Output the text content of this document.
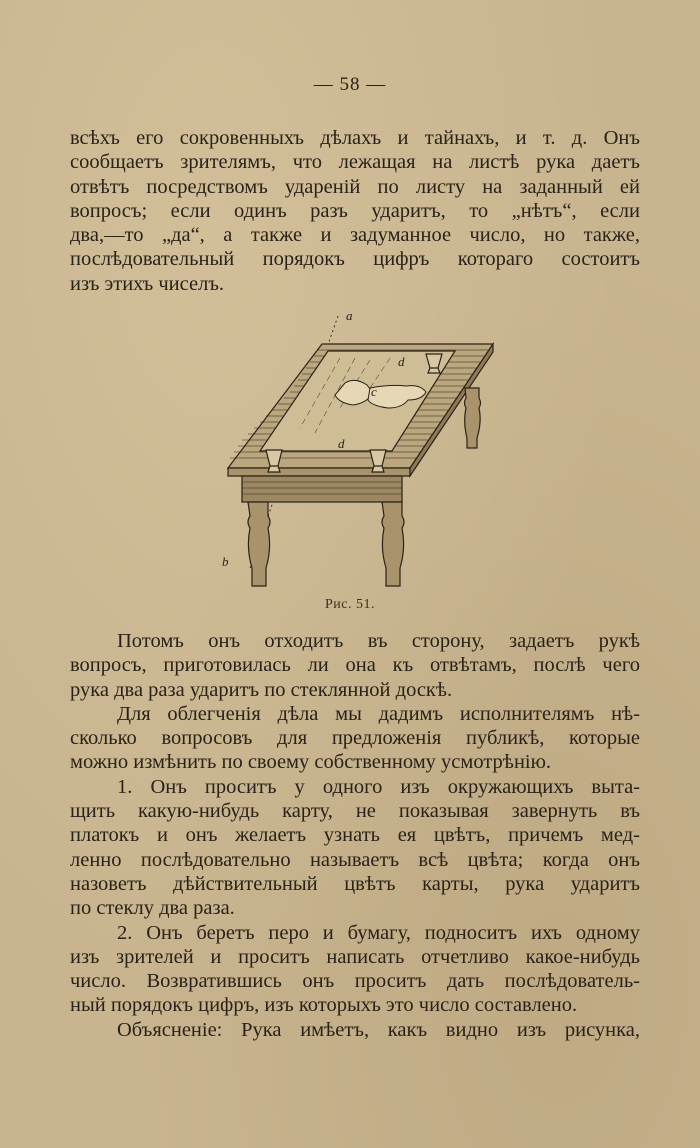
— 58 —
всѣхъ его сокровенныхъ дѣлахъ и тайнахъ, и т. д. Онъ
сообщаетъ зрителямъ, что лежащая на листѣ рука даетъ
отвѣтъ посредствомъ удареній по листу на заданный ей
вопросъ; если одинъ разъ ударитъ, то „нѣтъ“, если
два,—то „да“, а также и задуманное число, но также,
послѣдовательный порядокъ цифръ котораго состоитъ
изъ этихъ чиселъ.
a
b
c
d
d
Рис. 51.
Потомъ онъ отходитъ въ сторону, задаетъ рукѣ
вопросъ, приготовилась ли она къ отвѣтамъ, послѣ чего
рука два раза ударитъ по стеклянной доскѣ.
Для облегченія дѣла мы дадимъ исполнителямъ нѣ-
сколько вопросовъ для предложенія публикѣ, которые
можно измѣнить по своему собственному усмотрѣнію.
1. Онъ проситъ у одного изъ окружающихъ выта-
щить какую-нибудь карту, не показывая завернуть въ
платокъ и онъ желаетъ узнать ея цвѣтъ, причемъ мед-
ленно послѣдовательно называетъ всѣ цвѣта; когда онъ
назоветъ дѣйствительный цвѣтъ карты, рука ударитъ
по стеклу два раза.
2. Онъ беретъ перо и бумагу, подноситъ ихъ одному
изъ зрителей и проситъ написать отчетливо какое-нибудь
число. Возвратившись онъ проситъ дать послѣдователь-
ный порядокъ цифръ, изъ которыхъ это число составлено.
Объясненіе: Рука имѣетъ, какъ видно изъ рисунка,
